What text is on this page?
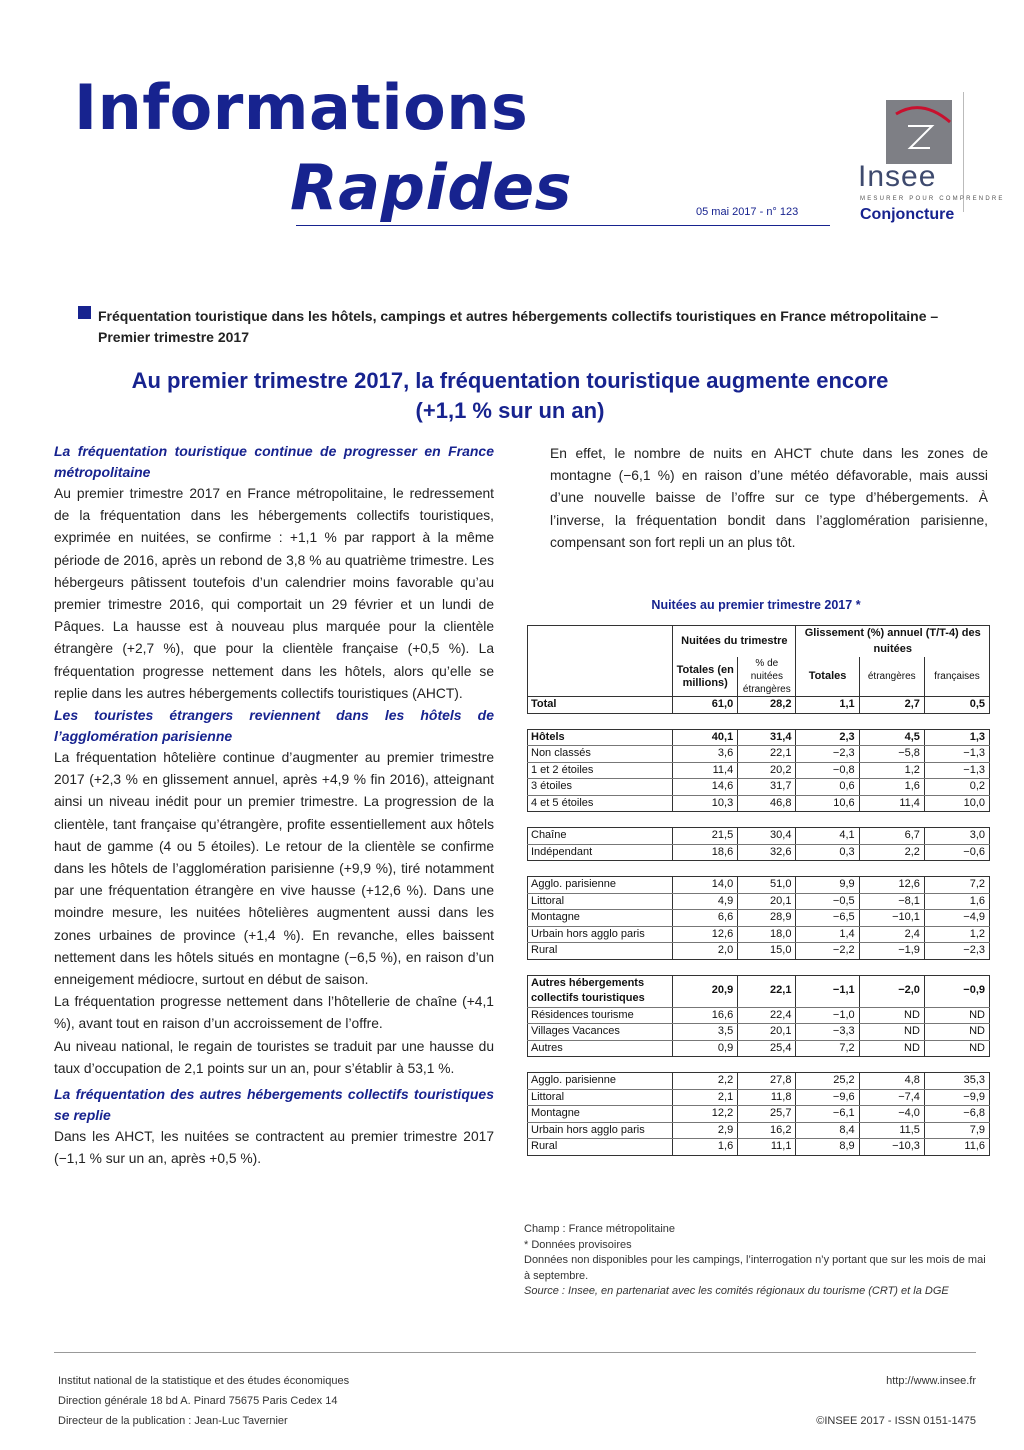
Informations
Rapides	05 mai 2017 - n° 123
Insee
MESURER POUR COMPRENDRE
Conjoncture

Fréquentation touristique dans les hôtels, campings et autres hébergements collectifs touristiques en France métropolitaine – Premier trimestre 2017

Au premier trimestre 2017, la fréquentation touristique augmente encore (+1,1 % sur un an)
La fréquentation touristique continue de progresser en France métropolitaine

Au premier trimestre 2017 en France métropolitaine, le redressement de la fréquentation dans les hébergements collectifs touristiques, exprimée en nuitées, se confirme : +1,1 % par rapport à la même période de 2016, après un rebond de 3,8 % au quatrième trimestre. Les hébergeurs pâtissent toutefois d’un calendrier moins favorable qu’au premier trimestre 2016, qui comportait un 29 février et un lundi de Pâques. La hausse est à nouveau plus marquée pour la clientèle étrangère (+2,7 %), que pour la clientèle française (+0,5 %). La fréquentation progresse nettement dans les hôtels, alors qu’elle se replie dans les autres hébergements collectifs touristiques (AHCT).

Les touristes étrangers reviennent dans les hôtels de l’agglomération parisienne

La fréquentation hôtelière continue d’augmenter au premier trimestre 2017 (+2,3 % en glissement annuel, après +4,9 % fin 2016), atteignant ainsi un niveau inédit pour un premier trimestre. La progression de la clientèle, tant française qu’étrangère, profite essentiellement aux hôtels haut de gamme (4 ou 5 étoiles). Le retour de la clientèle se confirme dans les hôtels de l’agglomération parisienne (+9,9 %), tiré notamment par une fréquentation étrangère en vive hausse (+12,6 %). Dans une moindre mesure, les nuitées hôtelières augmentent aussi dans les zones urbaines de province (+1,4 %). En revanche, elles baissent nettement dans les hôtels situés en montagne (−6,5 %), en raison d’un enneigement médiocre, surtout en début de saison.

La fréquentation progresse nettement dans l’hôtellerie de chaîne (+4,1 %), avant tout en raison d’un accroissement de l’offre.

Au niveau national, le regain de touristes se traduit par une hausse du taux d’occupation de 2,1 points sur un an, pour s’établir à 53,1 %.

La fréquentation des autres hébergements collectifs touristiques se replie

Dans les AHCT, les nuitées se contractent au premier trimestre 2017 (−1,1 % sur un an, après +0,5 %).

En effet, le nombre de nuits en AHCT chute dans les zones de montagne (−6,1 %) en raison d’une météo défavorable, mais aussi d’une nouvelle baisse de l’offre sur ce type d’hébergements. À l’inverse, la fréquentation bondit dans l’agglomération parisienne, compensant son fort repli un an plus tôt.

Nuitées au premier trimestre 2017 *
	Nuitées du trimestre		Glissement (%) annuel (T/T-4) des nuitées		
	Totales (en millions)	% de nuitées étrangères	Totales	étrangères	françaises
Total	61,0	28,2	1,1	2,7	0,5

Hôtels	40,1	31,4	2,3	4,5	1,3
Non classés	3,6	22,1	−2,3	−5,8	−1,3
1 et 2 étoiles	11,4	20,2	−0,8	1,2	−1,3
3 étoiles	14,6	31,7	0,6	1,6	0,2
4 et 5 étoiles	10,3	46,8	10,6	11,4	10,0

Chaîne	21,5	30,4	4,1	6,7	3,0
Indépendant	18,6	32,6	0,3	2,2	−0,6

Agglo. parisienne	14,0	51,0	9,9	12,6	7,2
Littoral	4,9	20,1	−0,5	−8,1	1,6
Montagne	6,6	28,9	−6,5	−10,1	−4,9
Urbain hors agglo paris	12,6	18,0	1,4	2,4	1,2
Rural	2,0	15,0	−2,2	−1,9	−2,3

Autres hébergements collectifs touristiques	20,9	22,1	−1,1	−2,0	−0,9
Résidences tourisme	16,6	22,4	−1,0	ND	ND
Villages Vacances	3,5	20,1	−3,3	ND	ND
Autres	0,9	25,4	7,2	ND	ND

Agglo. parisienne	2,2	27,8	25,2	4,8	35,3
Littoral	2,1	11,8	−9,6	−7,4	−9,9
Montagne	12,2	25,7	−6,1	−4,0	−6,8
Urbain hors agglo paris	2,9	16,2	8,4	11,5	7,9
Rural	1,6	11,1	8,9	−10,3	11,6

Champ : France métropolitaine

* Données provisoires

Données non disponibles pour les campings, l’interrogation n’y portant que sur les mois de mai à septembre.

Source : Insee, en partenariat avec les comités régionaux du tourisme (CRT) et la DGE

Institut national de la statistique et des études économiques
Direction générale 18 bd A. Pinard 75675 Paris Cedex 14
Directeur de la publication : Jean-Luc Tavernier
http://www.insee.fr
©INSEE 2017 - ISSN 0151-1475
